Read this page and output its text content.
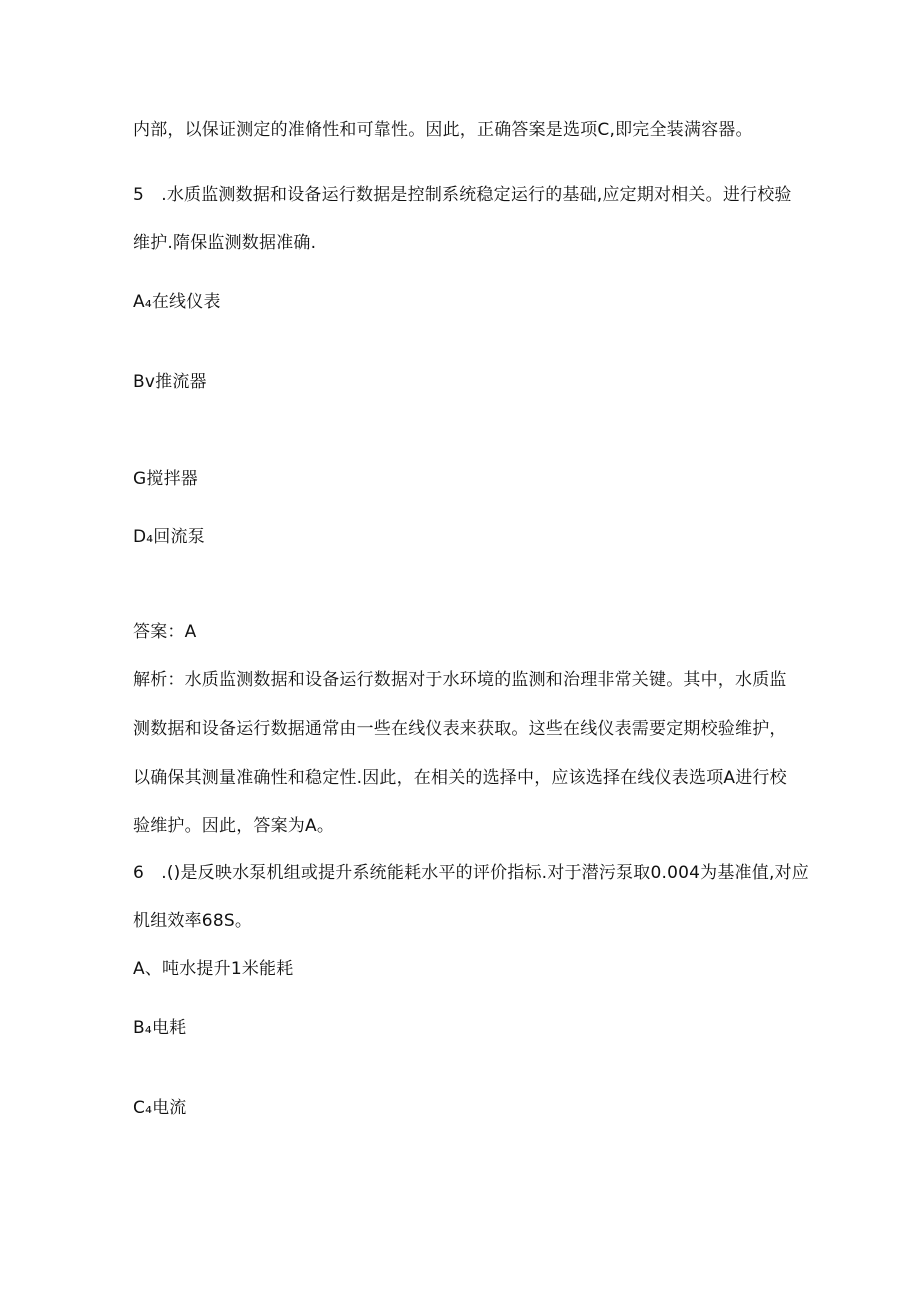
内部，以保证测定的准脩性和可靠性。因此，正确答案是选项C,即完全装满容器。
5　.水质监测数据和设备运行数据是控制系统稳定运行的基础,应定期对相关。进行校验
维护.隋保监测数据准确.
A₄在线仪表
Bv推流器
G搅拌器
D₄回流泵
答案：A
解析：水质监测数据和设备运行数据对于水环境的监测和治理非常关键。其中，水质监
测数据和设备运行数据通常由一些在线仪表来获取。这些在线仪表需要定期校验维护，
以确保其测量准确性和稳定性.因此，在相关的选择中，应该选择在线仪表选项A进行校
验维护。因此，答案为A。
6　.()是反映水泵机组或提升系统能耗水平的评价指标.对于潜污泵取0.004为基准值,对应
机组效率68S。
A、吨水提升1米能耗
B₄电耗
C₄电流
